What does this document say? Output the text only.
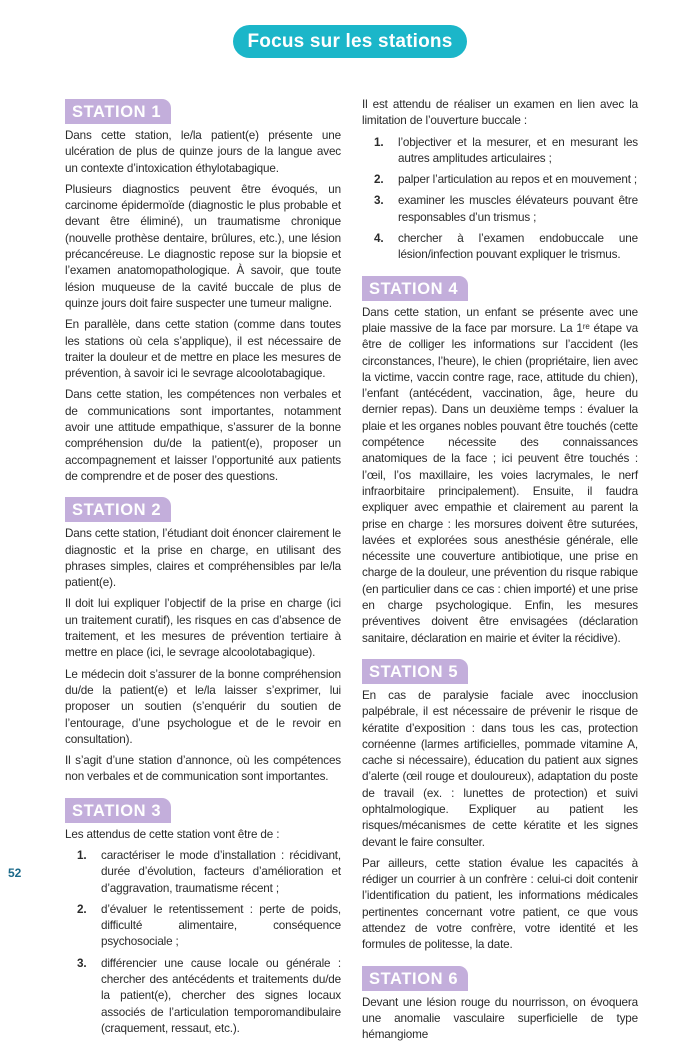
Focus sur les stations
STATION 1

Dans cette station, le/la patient(e) présente une ulcération de plus de quinze jours de la langue avec un contexte d’intoxication éthylotabagique.

Plusieurs diagnostics peuvent être évoqués, un carcinome épidermoïde (diagnostic le plus probable et devant être éliminé), un traumatisme chronique (nouvelle prothèse dentaire, brûlures, etc.), une lésion précancéreuse. Le diagnostic repose sur la biopsie et l’examen anatomopathologique. À savoir, que toute lésion muqueuse de la cavité buccale de plus de quinze jours doit faire suspecter une tumeur maligne.

En parallèle, dans cette station (comme dans toutes les stations où cela s’applique), il est nécessaire de traiter la douleur et de mettre en place les mesures de prévention, à savoir ici le sevrage alcoolotabagique.

Dans cette station, les compétences non verbales et de communications sont importantes, notamment avoir une attitude empathique, s’assurer de la bonne compréhension du/de la patient(e), proposer un accompagnement et laisser l’opportunité aux patients de comprendre et de poser des questions.

STATION 2

Dans cette station, l’étudiant doit énoncer clairement le diagnostic et la prise en charge, en utilisant des phrases simples, claires et compréhensibles par le/la patient(e).

Il doit lui expliquer l’objectif de la prise en charge (ici un traitement curatif), les risques en cas d’absence de traitement, et les mesures de prévention tertiaire à mettre en place (ici, le sevrage alcoolotabagique).

Le médecin doit s’assurer de la bonne compréhension du/de la patient(e) et le/la laisser s’exprimer, lui proposer un soutien (s’enquérir du soutien de l’entourage, d’une psychologue et de le revoir en consultation).

Il s’agit d’une station d’annonce, où les compétences non verbales et de communication sont importantes.

STATION 3

Les attendus de cette station vont être de :

1. caractériser le mode d’installation : récidivant, durée d’évolution, facteurs d’amélioration et d’aggravation, traumatisme récent ;
2. d’évaluer le retentissement : perte de poids, difficulté alimentaire, conséquence psychosociale ;
3. différencier une cause locale ou générale : chercher des antécédents et traitements du/de la patient(e), chercher des signes locaux associés de l’articulation temporomandibulaire (craquement, ressaut, etc.).

Il est attendu de réaliser un examen en lien avec la limitation de l’ouverture buccale :

1. l’objectiver et la mesurer, et en mesurant les autres amplitudes articulaires ;
2. palper l’articulation au repos et en mouvement ;
3. examiner les muscles élévateurs pouvant être responsables d’un trismus ;
4. chercher à l’examen endobuccale une lésion/infection pouvant expliquer le trismus.
STATION 4

Dans cette station, un enfant se présente avec une plaie massive de la face par morsure. La 1ʳᵉ étape va être de colliger les informations sur l’accident (les circonstances, l’heure), le chien (propriétaire, lien avec la victime, vaccin contre rage, race, attitude du chien), l’enfant (antécédent, vaccination, âge, heure du dernier repas). Dans un deuxième temps : évaluer la plaie et les organes nobles pouvant être touchés (cette compétence nécessite des connaissances anatomiques de la face ; ici peuvent être touchés : l’œil, l’os maxillaire, les voies lacrymales, le nerf infraorbitaire principalement). Ensuite, il faudra expliquer avec empathie et clairement au parent la prise en charge : les morsures doivent être suturées, lavées et explorées sous anesthésie générale, elle nécessite une couverture antibiotique, une prise en charge de la douleur, une prévention du risque rabique (en particulier dans ce cas : chien importé) et une prise en charge psychologique. Enfin, les mesures préventives doivent être envisagées (déclaration sanitaire, déclaration en mairie et éviter la récidive).

STATION 5

En cas de paralysie faciale avec inocclusion palpébrale, il est nécessaire de prévenir le risque de kératite d’exposition : dans tous les cas, protection cornéenne (larmes artificielles, pommade vitamine A, cache si nécessaire), éducation du patient aux signes d’alerte (œil rouge et douloureux), adaptation du poste de travail (ex. : lunettes de protection) et suivi ophtalmologique. Expliquer au patient les risques/mécanismes de cette kératite et les signes devant le faire consulter.

Par ailleurs, cette station évalue les capacités à rédiger un courrier à un confrère : celui-ci doit contenir l’identification du patient, les informations médicales pertinentes concernant votre patient, ce que vous attendez de votre confrère, votre identité et les formules de politesse, la date.

STATION 6

Devant une lésion rouge du nourrisson, on évoquera une anomalie vasculaire superficielle de type hémangiome

52
